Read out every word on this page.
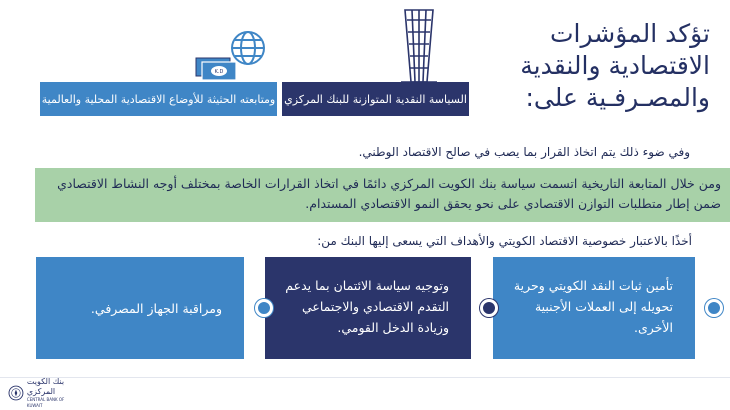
تؤكد المؤشرات
الاقتصادية والنقدية
والمصـرفـية على:
K.D
السياسة النقدية المتوازنة للبنك المركزي
ومتابعته الحثيثة للأوضاع الاقتصادية المحلية والعالمية
وفي ضوء ذلك يتم اتخاذ القرار بما يصب في صالح الاقتصاد الوطني.
ومن خلال المتابعة التاريخية اتسمت سياسة بنك الكويت المركزي دائمًا في اتخاذ القرارات الخاصة بمختلف أوجه النشاط الاقتصادي ضمن إطار متطلبات التوازن الاقتصادي على نحو يحقق النمو الاقتصادي المستدام.
أخذًا بالاعتبار خصوصية الاقتصاد الكويتي والأهداف التي يسعى إليها البنك من:
تأمين ثبات النقد الكويتي وحرية تحويله إلى العملات الأجنبية الأخرى.
وتوجيه سياسة الائتمان بما يدعم التقدم الاقتصادي والاجتماعي وزيادة الدخل القومي.
ومراقبة الجهاز المصرفي.
بنك الكويت المركزي
CENTRAL BANK OF KUWAIT
